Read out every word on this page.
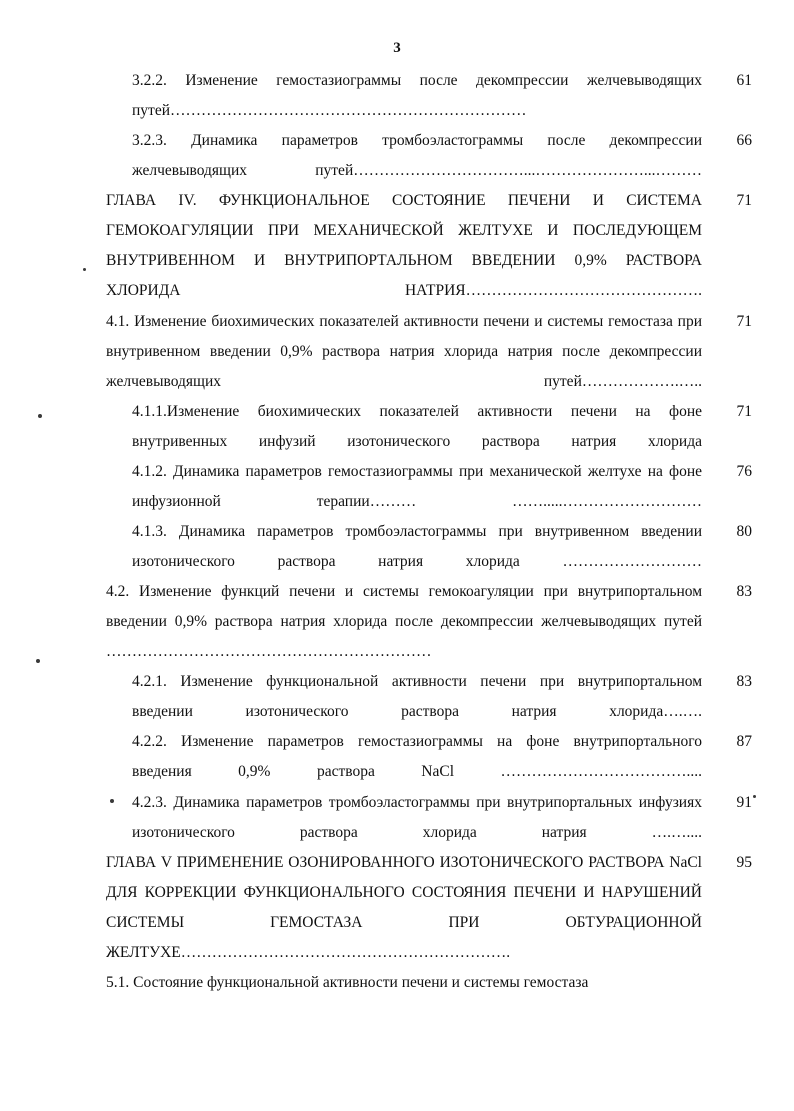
3
3.2.2. Изменение гемостазиограммы после декомпрессии желчевыводящих путей……………………………………………………………
61
3.2.3. Динамика параметров тромбоэластограммы после декомпрессии желчевыводящих путей……………………………...…………………...………
66
ГЛАВА IV. ФУНКЦИОНАЛЬНОЕ СОСТОЯНИЕ ПЕЧЕНИ И СИСТЕМА ГЕМОКОАГУЛЯЦИИ ПРИ МЕХАНИЧЕСКОЙ ЖЕЛТУХЕ И ПОСЛЕДУЮЩЕМ ВНУТРИВЕННОМ И ВНУТРИПОРТАЛЬНОМ ВВЕДЕНИИ 0,9% РАСТВОРА ХЛОРИДА НАТРИЯ……………………………………….
71
4.1. Изменение биохимических показателей активности печени и системы гемостаза при внутривенном введении 0,9% раствора натрия хлорида натрия после декомпрессии желчевыводящих путей……………….…..
71
4.1.1.Изменение биохимических показателей активности печени на фоне внутривенных инфузий изотонического раствора натрия хлорида
71
4.1.2. Динамика параметров гемостазиограммы при механической желтухе на фоне инфузионной терапии……… …….....………………………
76
4.1.3. Динамика параметров тромбоэластограммы при внутривенном введении изотонического раствора натрия хлорида ………………………
80
4.2. Изменение функций печени и системы гемокоагуляции при внутрипортальном введении 0,9% раствора натрия хлорида после декомпрессии желчевыводящих путей ………………………………………………………
83
4.2.1. Изменение функциональной активности печени при внутрипортальном введении изотонического раствора натрия хлорида….….
83
4.2.2. Изменение параметров гемостазиограммы на фоне внутрипортального введения 0,9% раствора NaCl ………………………………....
87
4.2.3. Динамика параметров тромбоэластограммы при внутрипортальных инфузиях изотонического раствора хлорида натрия ….…....
91
ГЛАВА V ПРИМЕНЕНИЕ ОЗОНИРОВАННОГО ИЗОТОНИЧЕСКОГО РАСТВОРА NaCl ДЛЯ КОРРЕКЦИИ ФУНКЦИОНАЛЬНОГО СОСТОЯНИЯ ПЕЧЕНИ И НАРУШЕНИЙ СИСТЕМЫ ГЕМОСТАЗА ПРИ ОБТУРАЦИОННОЙ ЖЕЛТУХЕ……………………………………………………….
95
5.1. Состояние функциональной активности печени и системы гемостаза
